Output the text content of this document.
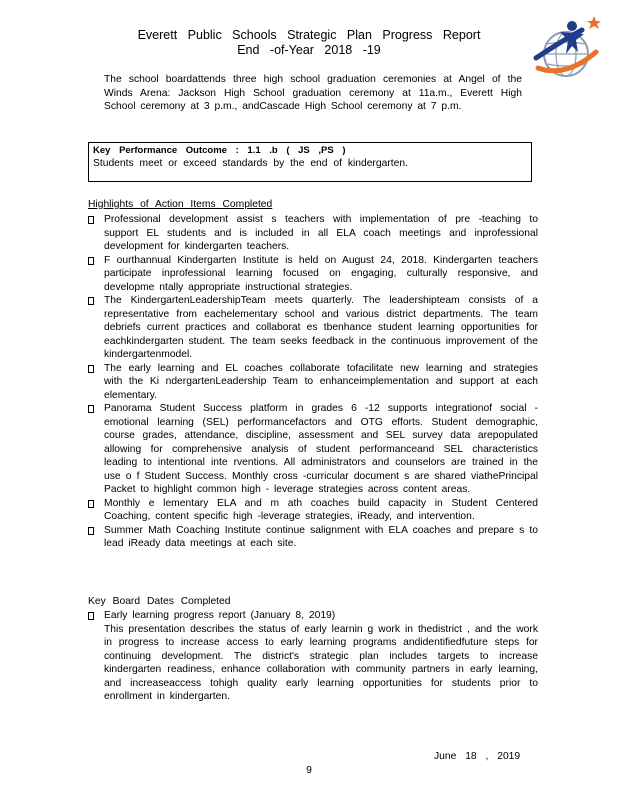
Everett Public Schools Strategic Plan Progress Report
End -of-Year 2018 -19
The school boardattends three high school graduation ceremonies at Angel of the Winds Arena: Jackson High School graduation ceremony at 11a.m., Everett High School ceremony at 3 p.m., andCascade High School ceremony at 7 p.m.
Key Performance Outcome : 1.1 .b ( JS ,PS )
Students meet or exceed standards by the end of kindergarten.
Highlights of Action Items Completed
Professional development assist s teachers with implementation of pre -teaching to support EL students and is included in all ELA coach meetings and inprofessional development for kindergarten teachers.
F ourthannual Kindergarten Institute is held on August 24, 2018. Kindergarten teachers participate inprofessional learning focused on engaging, culturally responsive, and developme ntally appropriate instructional strategies.
The KindergartenLeadershipTeam meets quarterly. The leadershipteam consists of a representative from eachelementary school and various district departments. The team debriefs current practices and collaborat es tbenhance student learning opportunities for eachkindergarten student. The team seeks feedback in the continuous improvement of the kindergartenmodel.
The early learning and EL coaches collaborate tofacilitate new learning and strategies with the Ki ndergartenLeadership Team to enhanceimplementation and support at each elementary.
Panorama Student Success platform in grades 6 -12 supports integrationof social -emotional learning (SEL) performancefactors and OTG efforts. Student demographic, course grades, attendance, discipline, assessment and SEL survey data arepopulated allowing for comprehensive analysis of student performanceand SEL characteristics leading to intentional inte rventions. All administrators and counselors are trained in the use o f Student Success. Monthly cross -curricular document s are shared viathePrincipal Packet to highlight common high - leverage strategies across content areas.
Monthly e lementary ELA and m ath coaches build capacity in Student Centered Coaching, content specific high -leverage strategies, iReady, and intervention.
Summer Math Coaching Institute continue salignment with ELA coaches and prepare s to lead iReady data meetings at each site.
Key Board Dates Completed
Early learning progress report (January 8, 2019)
This presentation describes the status of early learnin g work in thedistrict , and the work in progress to increase access to early learning programs andidentifiedfuture steps for continuing development. The district's strategic plan includes targets to increase kindergarten readiness, enhance collaboration with community partners in early learning, and increaseaccess tohigh quality early learning opportunities for students prior to enrollment in kindergarten.
June 18 , 2019
9
